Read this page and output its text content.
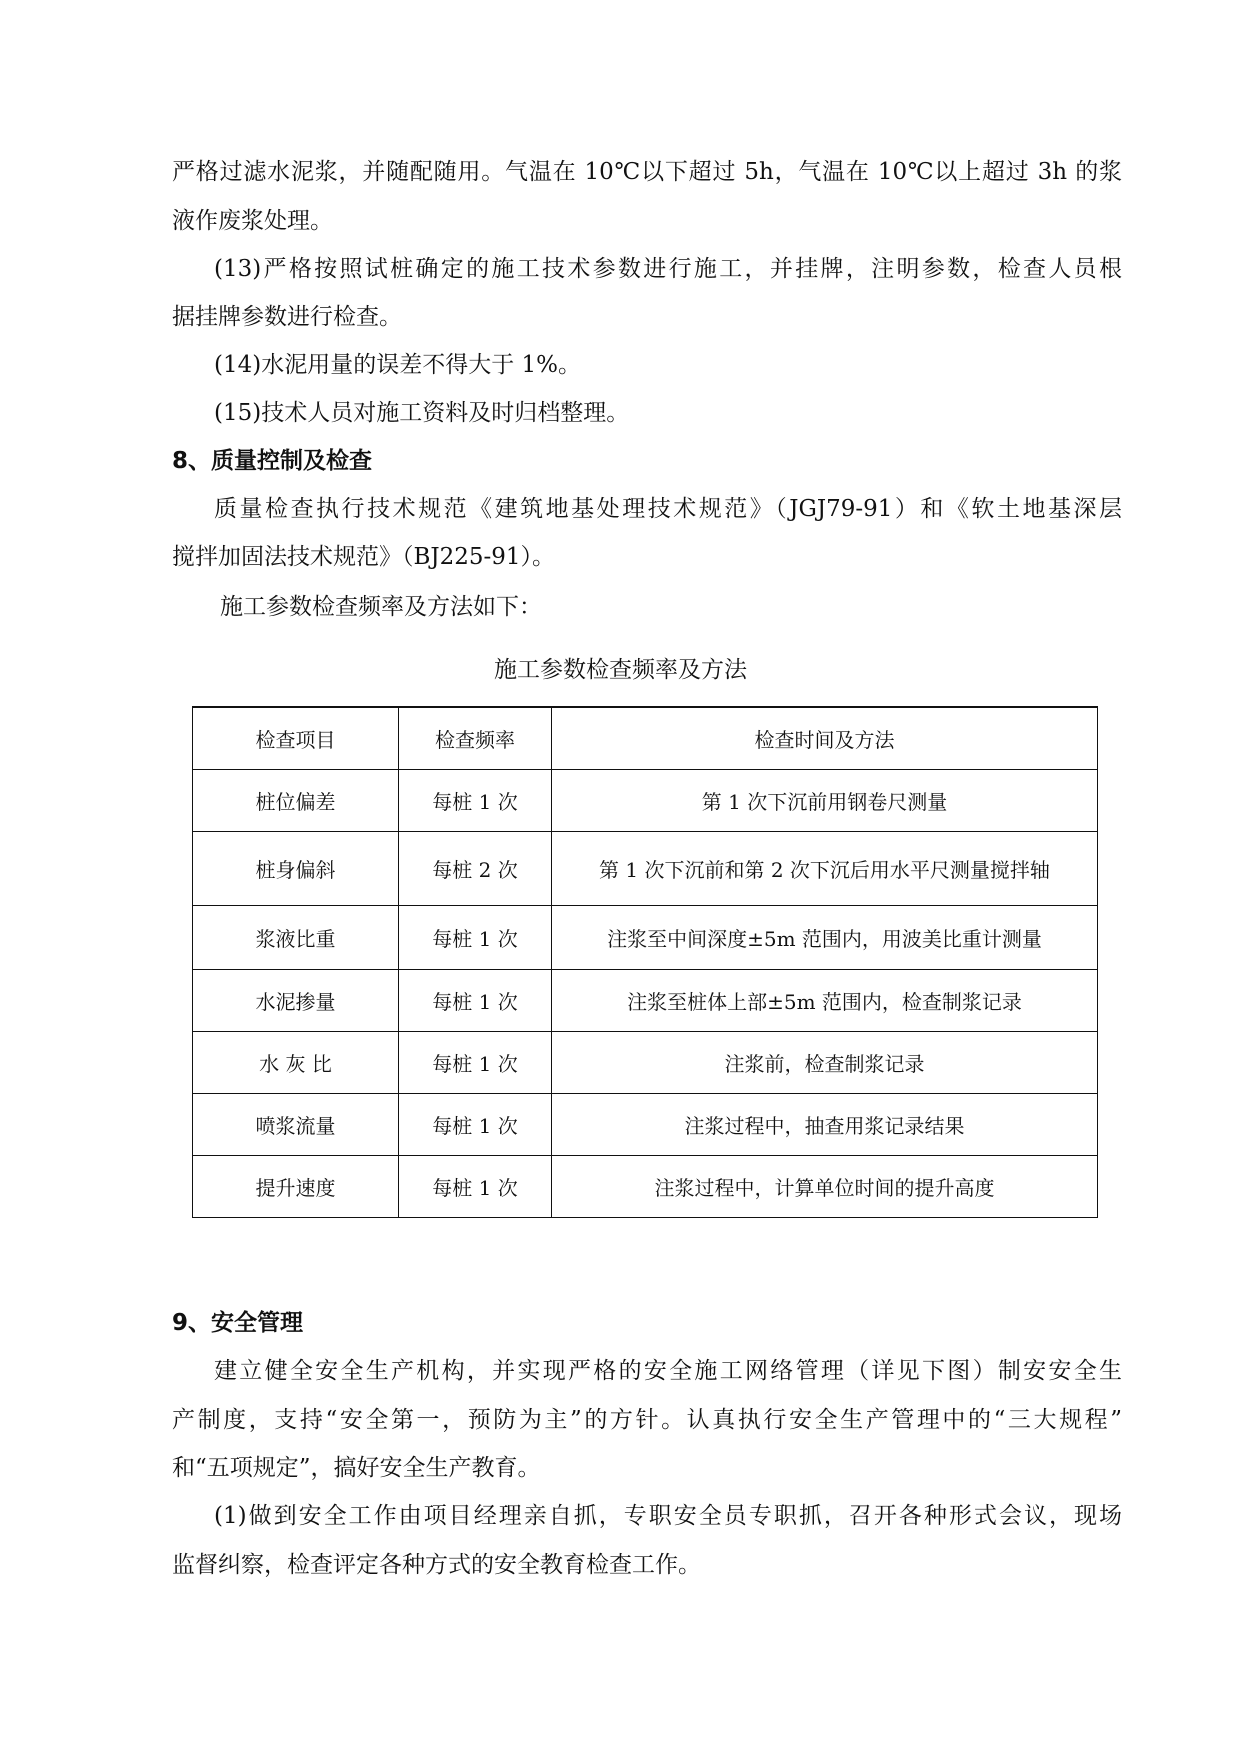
严格过滤水泥浆，并随配随用。气温在 10℃以下超过 5h，气温在 10℃以上超过 3h 的浆
液作废浆处理。
(13)严格按照试桩确定的施工技术参数进行施工，并挂牌，注明参数，检查人员根
据挂牌参数进行检查。
(14)水泥用量的误差不得大于 1%。
(15)技术人员对施工资料及时归档整理。
8、质量控制及检查
质量检查执行技术规范《建筑地基处理技术规范》（JGJ79-91）和《软土地基深层
搅拌加固法技术规范》（BJ225-91）。
施工参数检查频率及方法如下：
施工参数检查频率及方法
检查项目	检查频率	检查时间及方法
桩位偏差	每桩 1 次	第 1 次下沉前用钢卷尺测量
桩身偏斜	每桩 2 次	第 1 次下沉前和第 2 次下沉后用水平尺测量搅拌轴
浆液比重	每桩 1 次	注浆至中间深度±5m 范围内，用波美比重计测量
水泥掺量	每桩 1 次	注浆至桩体上部±5m 范围内，检查制浆记录
水 灰 比	每桩 1 次	注浆前，检查制浆记录
喷浆流量	每桩 1 次	注浆过程中，抽查用浆记录结果
提升速度	每桩 1 次	注浆过程中，计算单位时间的提升高度
9、安全管理
建立健全安全生产机构，并实现严格的安全施工网络管理（详见下图）制安安全生
产制度，支持“安全第一，预防为主”的方针。认真执行安全生产管理中的“三大规程”
和“五项规定”，搞好安全生产教育。
(1)做到安全工作由项目经理亲自抓，专职安全员专职抓，召开各种形式会议，现场
监督纠察，检查评定各种方式的安全教育检查工作。
